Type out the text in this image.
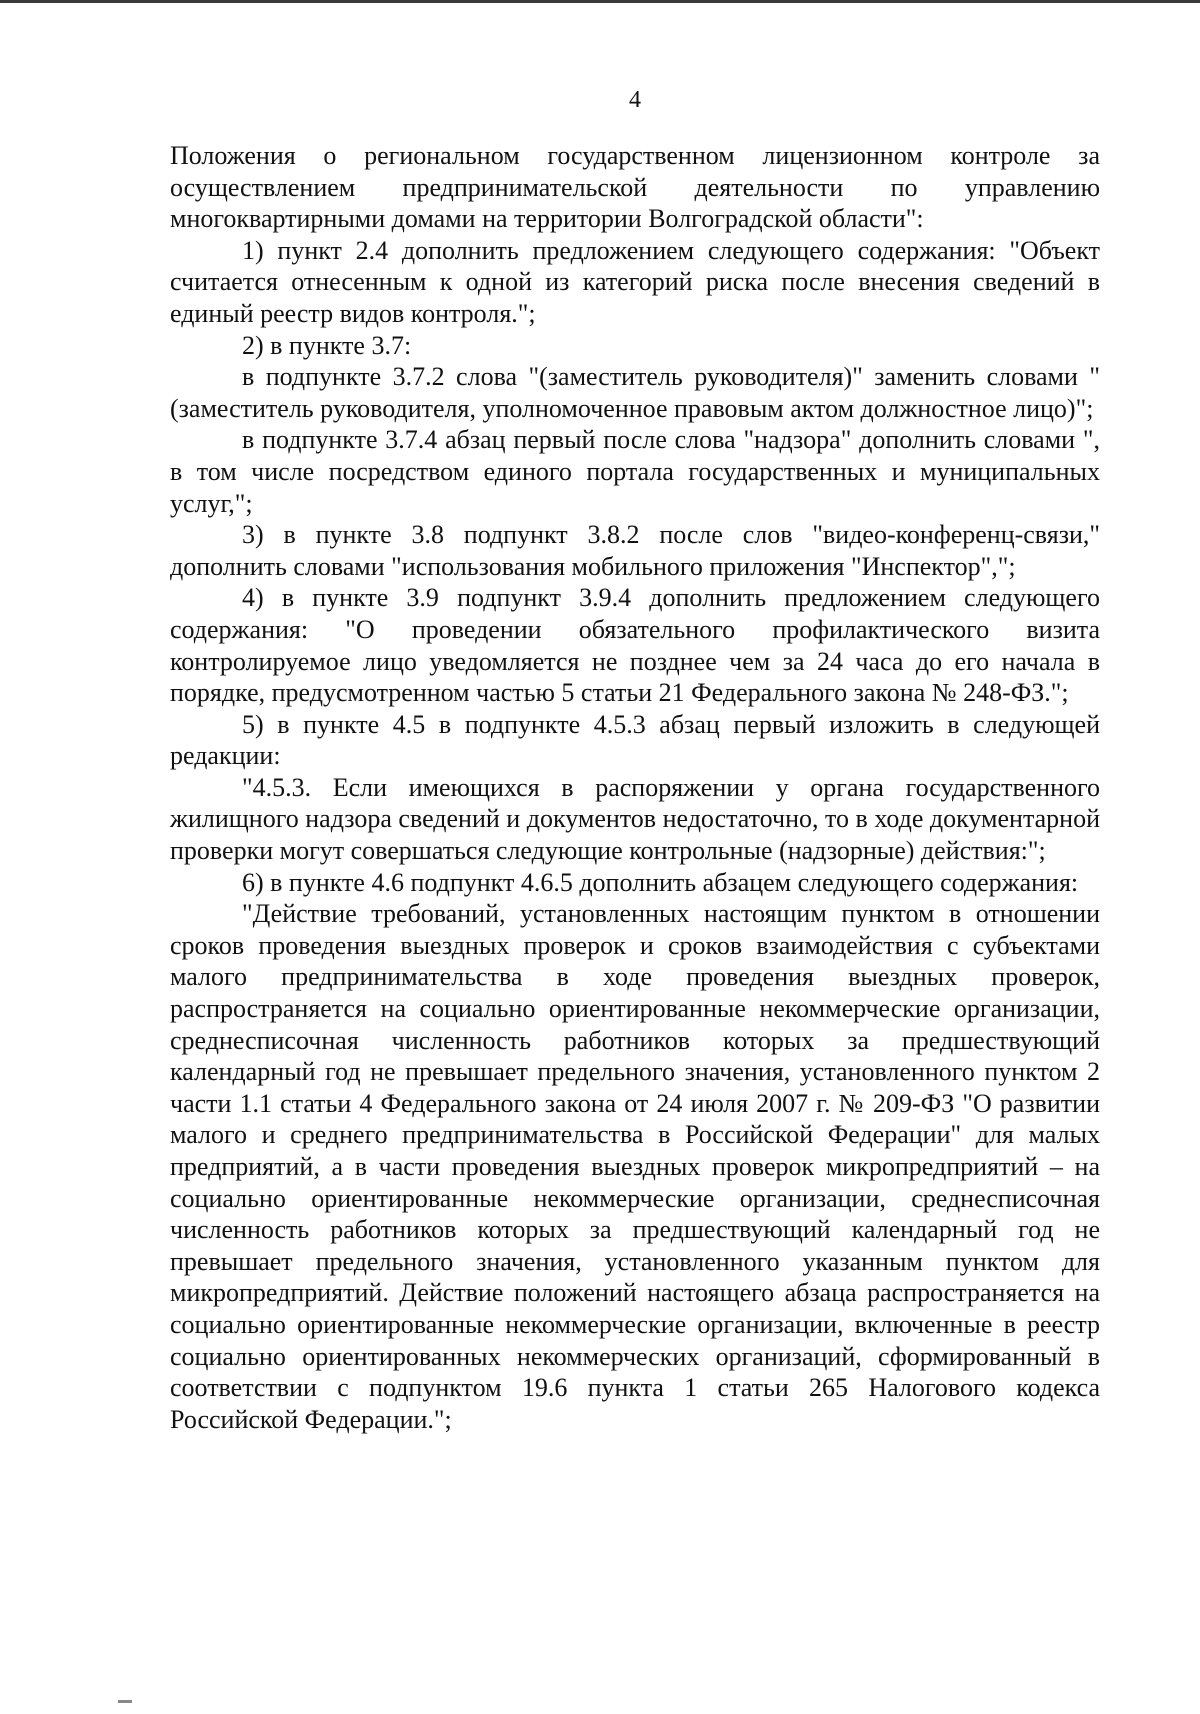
4

Положения о региональном государственном лицензионном контроле за осуществлением предпринимательской деятельности по управлению многоквартирными домами на территории Волгоградской области":

1) пункт 2.4 дополнить предложением следующего содержания: "Объект считается отнесенным к одной из категорий риска после внесения сведений в единый реестр видов контроля.";

2) в пункте 3.7:

в подпункте 3.7.2 слова "(заместитель руководителя)" заменить словами "(заместитель руководителя, уполномоченное правовым актом должностное лицо)";

в подпункте 3.7.4 абзац первый после слова "надзора" дополнить словами ", в том числе посредством единого портала государственных и муниципальных услуг,";

3) в пункте 3.8 подпункт 3.8.2 после слов "видео-конференц-связи," дополнить словами "использования мобильного приложения "Инспектор",";

4) в пункте 3.9 подпункт 3.9.4 дополнить предложением следующего содержания: "О проведении обязательного профилактического визита контролируемое лицо уведомляется не позднее чем за 24 часа до его начала в порядке, предусмотренном частью 5 статьи 21 Федерального закона № 248-ФЗ.";

5) в пункте 4.5 в подпункте 4.5.3 абзац первый изложить в следующей редакции:

"4.5.3. Если имеющихся в распоряжении у органа государственного жилищного надзора сведений и документов недостаточно, то в ходе документарной проверки могут совершаться следующие контрольные (надзорные) действия:";

6) в пункте 4.6 подпункт 4.6.5 дополнить абзацем следующего содержания:

"Действие требований, установленных настоящим пунктом в отношении сроков проведения выездных проверок и сроков взаимодействия с субъектами малого предпринимательства в ходе проведения выездных проверок, распространяется на социально ориентированные некоммерческие организации, среднесписочная численность работников которых за предшествующий календарный год не превышает предельного значения, установленного пунктом 2 части 1.1 статьи 4 Федерального закона от 24 июля 2007 г. № 209-ФЗ "О развитии малого и среднего предпринимательства в Российской Федерации" для малых предприятий, а в части проведения выездных проверок микропредприятий – на социально ориентированные некоммерческие организации, среднесписочная численность работников которых за предшествующий календарный год не превышает предельного значения, установленного указанным пунктом для микропредприятий. Действие положений настоящего абзаца распространяется на социально ориентированные некоммерческие организации, включенные в реестр социально ориентированных некоммерческих организаций, сформированный в соответствии с подпунктом 19.6 пункта 1 статьи 265 Налогового кодекса Российской Федерации.";
